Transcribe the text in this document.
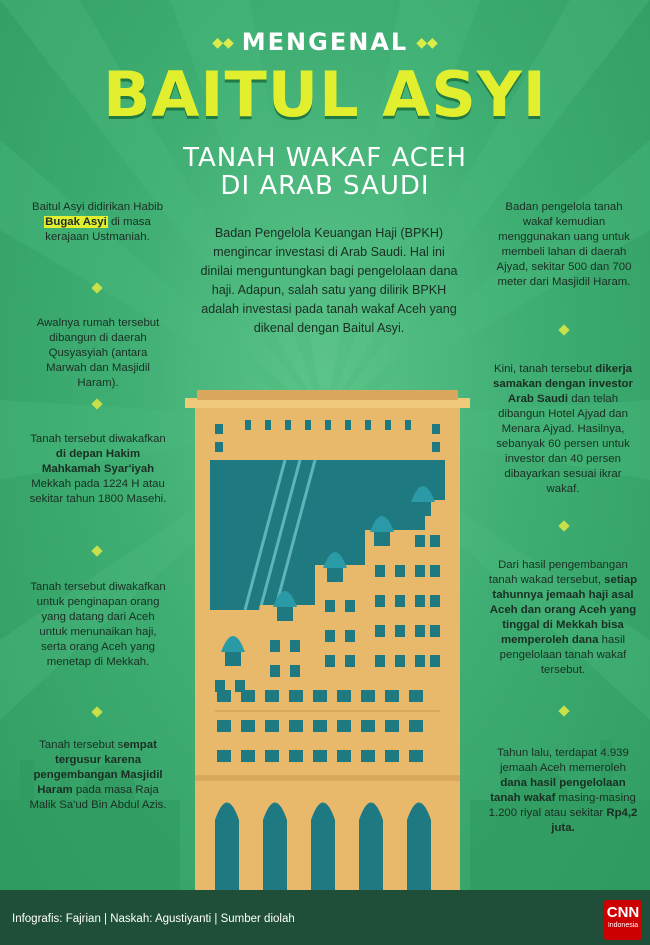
◆◆ MENGENAL ◆◆
BAITUL ASYI
TANAH WAKAF ACEH
DI ARAB SAUDI
Baitul Asyi didirikan Habib Bugak Asyi di masa kerajaan Ustmaniah.
Awalnya rumah tersebut dibangun di daerah Qusyasyiah (antara Marwah dan Masjidil Haram).
Tanah tersebut diwakafkan di depan Hakim Mahkamah Syar'iyah Mekkah pada 1224 H atau sekitar tahun 1800 Masehi.
Tanah tersebut diwakafkan untuk penginapan orang yang datang dari Aceh untuk menunaikan haji, serta orang Aceh yang menetap di Mekkah.
Tanah tersebut sempat tergusur karena pengembangan Masjidil Haram pada masa Raja Malik Sa'ud Bin Abdul Azis.
Badan Pengelola Keuangan Haji (BPKH) mengincar investasi di Arab Saudi. Hal ini dinilai menguntungkan bagi pengelolaan dana haji. Adapun, salah satu yang dilirik BPKH adalah investasi pada tanah wakaf Aceh yang dikenal dengan Baitul Asyi.
Badan pengelola tanah wakaf kemudian menggunakan uang untuk membeli lahan di daerah Ajyad, sekitar 500 dan 700 meter dari Masjidil Haram.
Kini, tanah tersebut dikerja samakan dengan investor Arab Saudi dan telah dibangun Hotel Ajyad dan Menara Ajyad. Hasilnya, sebanyak 60 persen untuk investor dan 40 persen dibayarkan sesuai ikrar wakaf.
Dari hasil pengembangan tanah wakad tersebut, setiap tahunnya jemaah haji asal Aceh dan orang Aceh yang tinggal di Mekkah bisa memperoleh dana hasil pengelolaan tanah wakaf tersebut.
Tahun lalu, terdapat 4.939 jemaah Aceh memeroleh dana hasil pengelolaan tanah wakaf masing-masing 1.200 riyal atau sekitar Rp4,2 juta.
Infografis: Fajrian | Naskah: Agustiyanti | Sumber diolah	CNN
Indonesia
